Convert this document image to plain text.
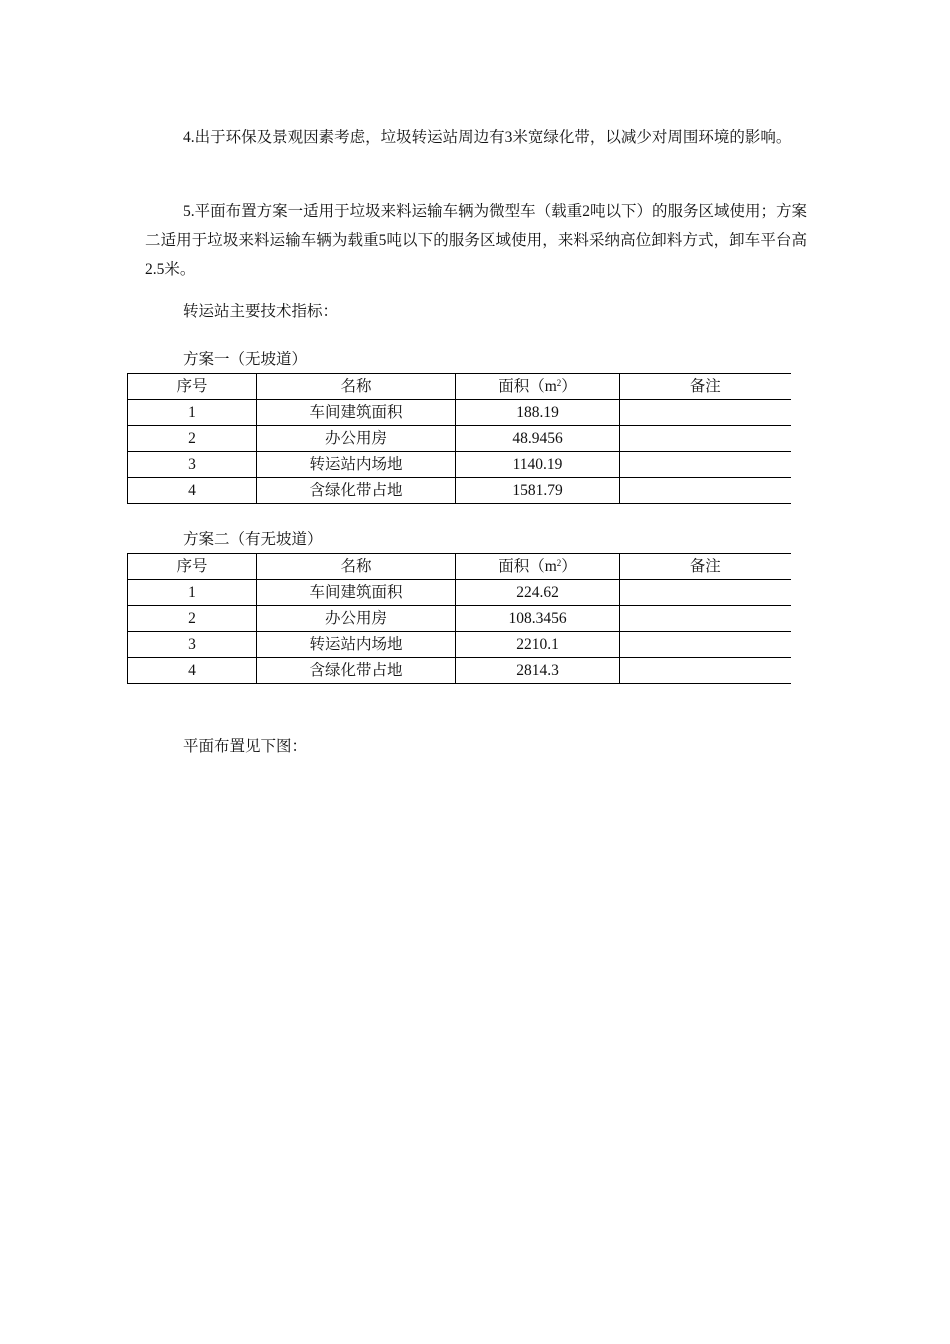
4.出于环保及景观因素考虑，垃圾转运站周边有3米宽绿化带，以减少对周围环境的影响。

5.平面布置方案一适用于垃圾来料运输车辆为微型车（载重2吨以下）的服务区域使用；方案二适用于垃圾来料运输车辆为载重5吨以下的服务区域使用，来料采纳高位卸料方式，卸车平台高2.5米。

转运站主要技术指标：

方案一（无坡道）

序号	名称	面积$(m^2)$	备注
1	车间建筑面积	188.19	
2	办公用房	48.9456	
3	转运站内场地	1140.19	
4	含绿化带占地	1581.79	

方案二（有无坡道）

序号	名称	面积$(m^2)$	备注
1	车间建筑面积	224.62	
2	办公用房	108.3456	
3	转运站内场地	2210.1	
4	含绿化带占地	2814.3	

平面布置见下图：
